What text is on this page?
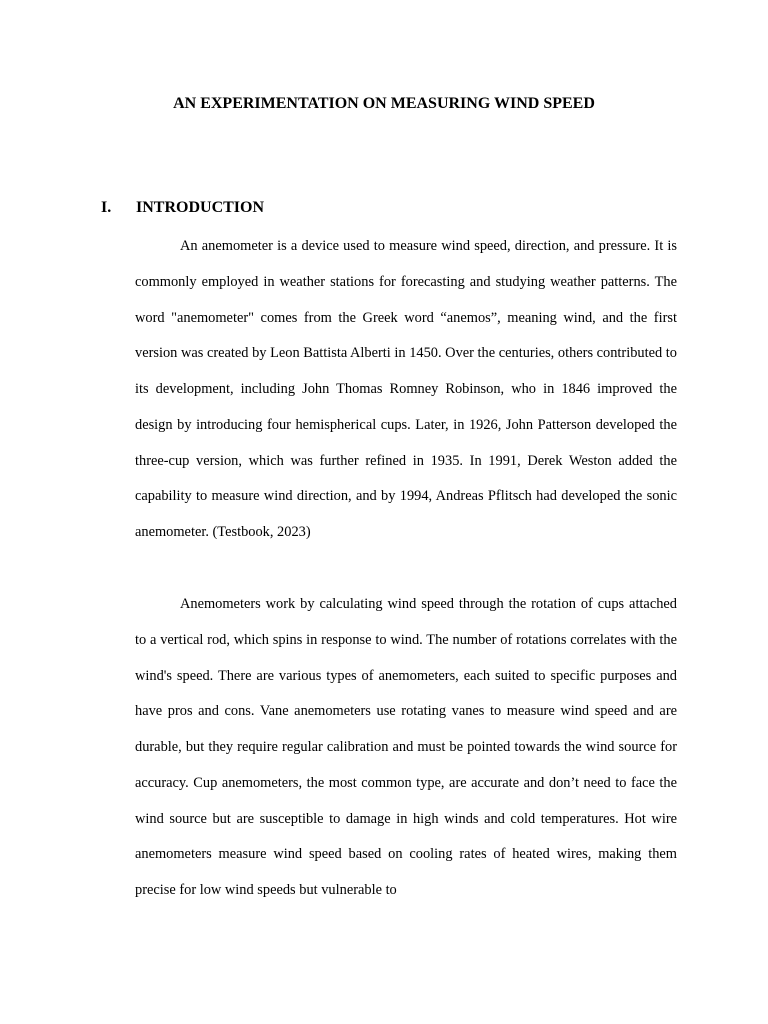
AN EXPERIMENTATION ON MEASURING WIND SPEED
I. INTRODUCTION

An anemometer is a device used to measure wind speed, direction, and pressure. It is commonly employed in weather stations for forecasting and studying weather patterns. The word "anemometer" comes from the Greek word “anemos”, meaning wind, and the first version was created by Leon Battista Alberti in 1450. Over the centuries, others contributed to its development, including John Thomas Romney Robinson, who in 1846 improved the design by introducing four hemispherical cups. Later, in 1926, John Patterson developed the three-cup version, which was further refined in 1935. In 1991, Derek Weston added the capability to measure wind direction, and by 1994, Andreas Pflitsch had developed the sonic anemometer. (Testbook, 2023)

Anemometers work by calculating wind speed through the rotation of cups attached to a vertical rod, which spins in response to wind. The number of rotations correlates with the wind's speed. There are various types of anemometers, each suited to specific purposes and have pros and cons. Vane anemometers use rotating vanes to measure wind speed and are durable, but they require regular calibration and must be pointed towards the wind source for accuracy. Cup anemometers, the most common type, are accurate and don’t need to face the wind source but are susceptible to damage in high winds and cold temperatures. Hot wire anemometers measure wind speed based on cooling rates of heated wires, making them precise for low wind speeds but vulnerable to
